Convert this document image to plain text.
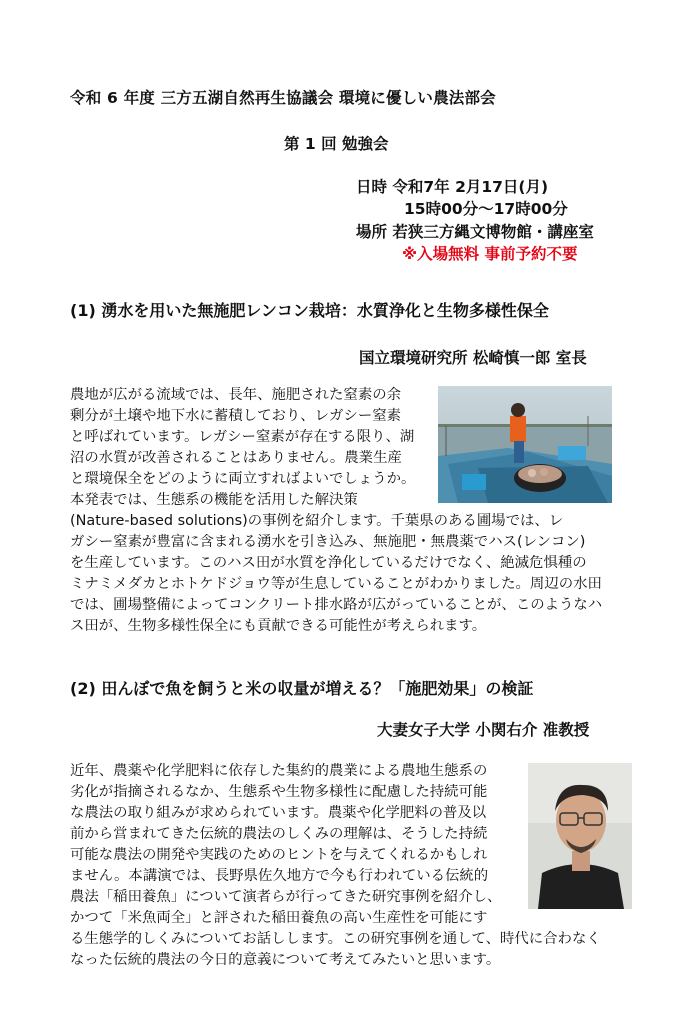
令和 6 年度 三方五湖自然再生協議会 環境に優しい農法部会
第 1 回 勉強会
日時 令和7年 2月17日(月)
15時00分～17時00分
場所 若狭三方縄文博物館・講座室
※入場無料 事前予約不要
(1) 湧水を用いた無施肥レンコン栽培：水質浄化と生物多様性保全
国立環境研究所 松崎慎一郎 室長
農地が広がる流域では、長年、施肥された窒素の余
剰分が土壌や地下水に蓄積しており、レガシー窒素
と呼ばれています。レガシー窒素が存在する限り、湖
沼の水質が改善されることはありません。農業生産
と環境保全をどのように両立すればよいでしょうか。
本発表では、生態系の機能を活用した解決策
(Nature-based solutions)の事例を紹介します。千葉県のある圃場では、レ
ガシー窒素が豊富に含まれる湧水を引き込み、無施肥・無農薬でハス(レンコン)
を生産しています。このハス田が水質を浄化しているだけでなく、絶滅危惧種の
ミナミメダカとホトケドジョウ等が生息していることがわかりました。周辺の水田
では、圃場整備によってコンクリート排水路が広がっていることが、このようなハ
ス田が、生物多様性保全にも貢献できる可能性が考えられます。
(2) 田んぼで魚を飼うと米の収量が増える？「施肥効果」の検証
大妻女子大学 小関右介 准教授
近年、農薬や化学肥料に依存した集約的農業による農地生態系の
劣化が指摘されるなか、生態系や生物多様性に配慮した持続可能
な農法の取り組みが求められています。農薬や化学肥料の普及以
前から営まれてきた伝統的農法のしくみの理解は、そうした持続
可能な農法の開発や実践のためのヒントを与えてくれるかもしれ
ません。本講演では、長野県佐久地方で今も行われている伝統的
農法「稲田養魚」について演者らが行ってきた研究事例を紹介し、
かつて「米魚両全」と評された稲田養魚の高い生産性を可能にす
る生態学的しくみについてお話しします。この研究事例を通して、時代に合わなく
なった伝統的農法の今日的意義について考えてみたいと思います。
